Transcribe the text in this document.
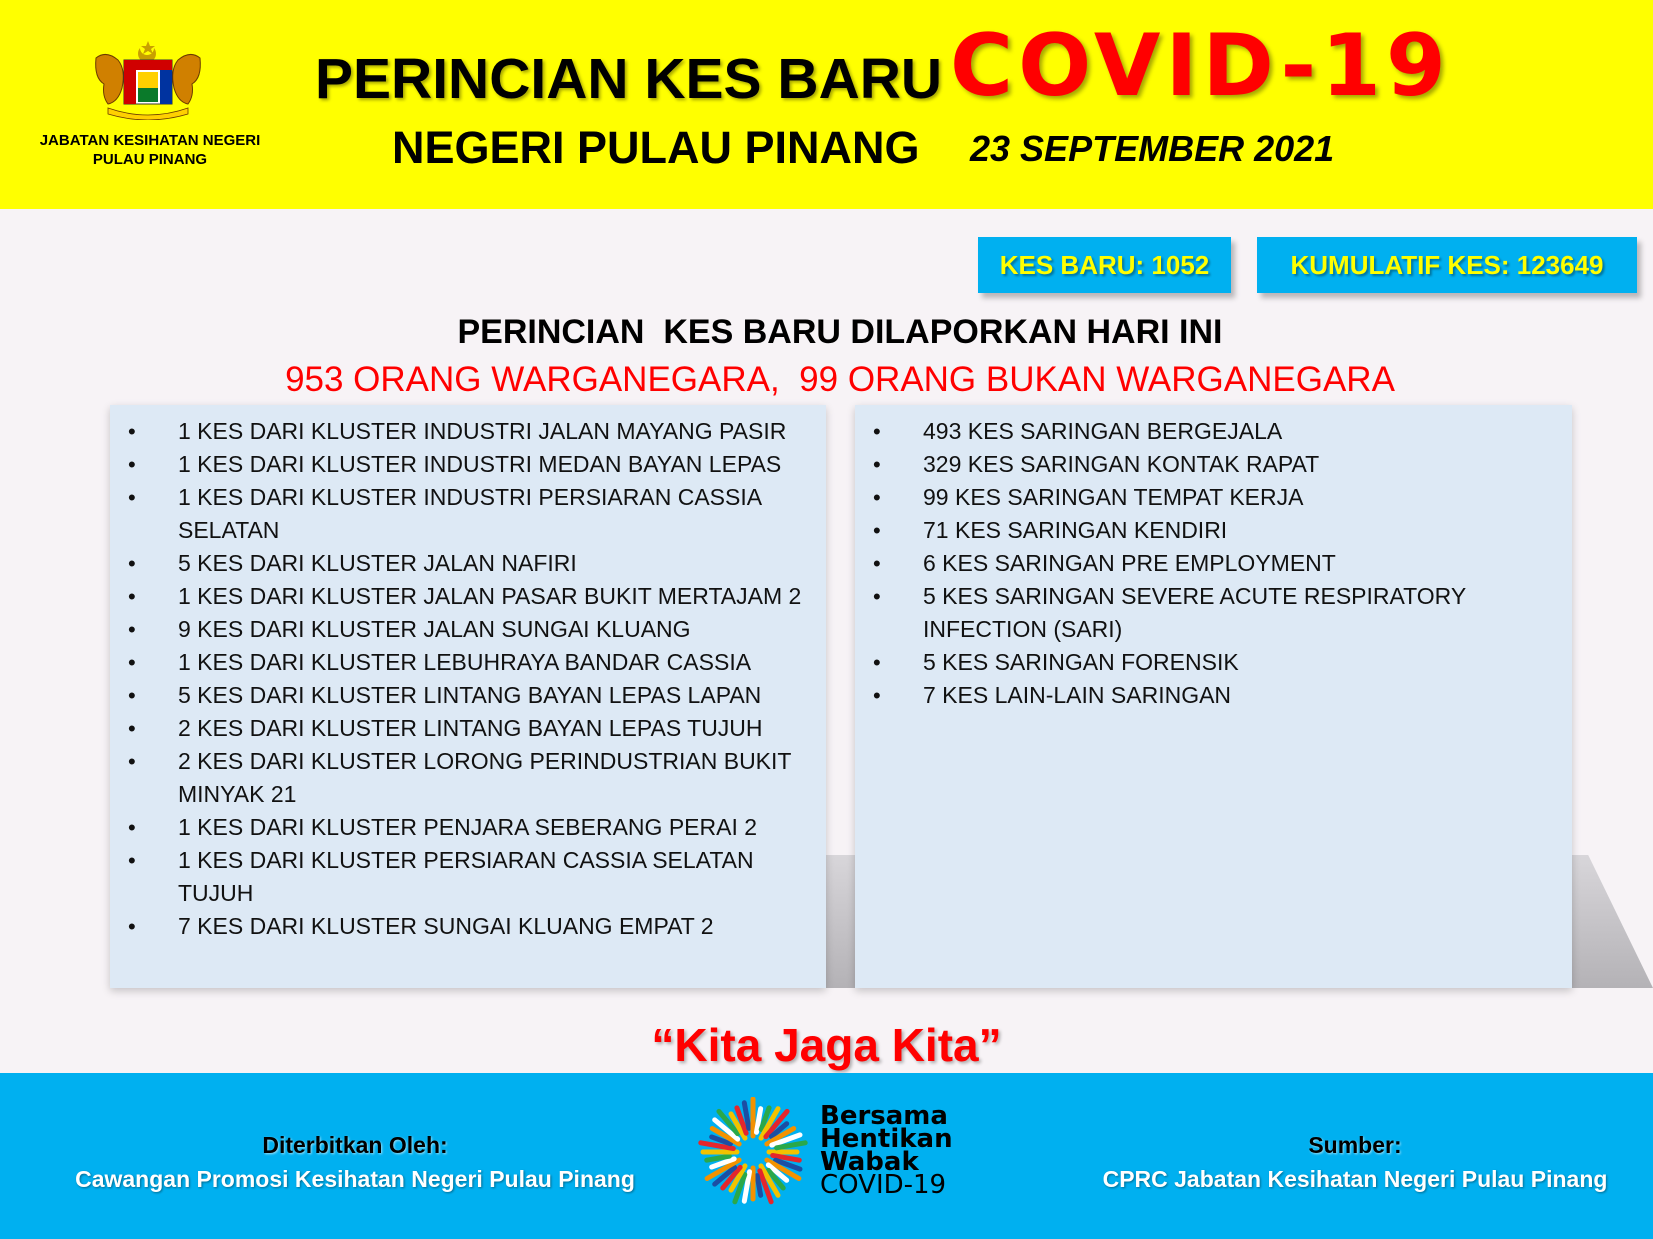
JABATAN KESIHATAN NEGERI
PULAU PINANG
PERINCIAN KES BARU COVID-19
NEGERI PULAU PINANG 23 SEPTEMBER 2021
KES BARU: 1052	KUMULATIF KES: 123649
PERINCIAN  KES BARU DILAPORKAN HARI INI
953 ORANG WARGANEGARA,  99 ORANG BUKAN WARGANEGARA
• 1 KES DARI KLUSTER INDUSTRI JALAN MAYANG PASIR
• 1 KES DARI KLUSTER INDUSTRI MEDAN BAYAN LEPAS
• 1 KES DARI KLUSTER INDUSTRI PERSIARAN CASSIA SELATAN
• 5 KES DARI KLUSTER JALAN NAFIRI
• 1 KES DARI KLUSTER JALAN PASAR BUKIT MERTAJAM 2
• 9 KES DARI KLUSTER JALAN SUNGAI KLUANG
• 1 KES DARI KLUSTER LEBUHRAYA BANDAR CASSIA
• 5 KES DARI KLUSTER LINTANG BAYAN LEPAS LAPAN
• 2 KES DARI KLUSTER LINTANG BAYAN LEPAS TUJUH
• 2 KES DARI KLUSTER LORONG PERINDUSTRIAN BUKIT MINYAK 21
• 1 KES DARI KLUSTER PENJARA SEBERANG PERAI 2
• 1 KES DARI KLUSTER PERSIARAN CASSIA SELATAN TUJUH
• 7 KES DARI KLUSTER SUNGAI KLUANG EMPAT 2
• 493 KES SARINGAN BERGEJALA
• 329 KES SARINGAN KONTAK RAPAT
• 99 KES SARINGAN TEMPAT KERJA
• 71 KES SARINGAN KENDIRI
• 6 KES SARINGAN PRE EMPLOYMENT
• 5 KES SARINGAN SEVERE ACUTE RESPIRATORY INFECTION (SARI)
• 5 KES SARINGAN FORENSIK
• 7 KES LAIN-LAIN SARINGAN
“Kita Jaga Kita”
Diterbitkan Oleh:
Cawangan Promosi Kesihatan Negeri Pulau Pinang
Bersama
Hentikan
Wabak
COVID-19
Sumber:
CPRC Jabatan Kesihatan Negeri Pulau Pinang
